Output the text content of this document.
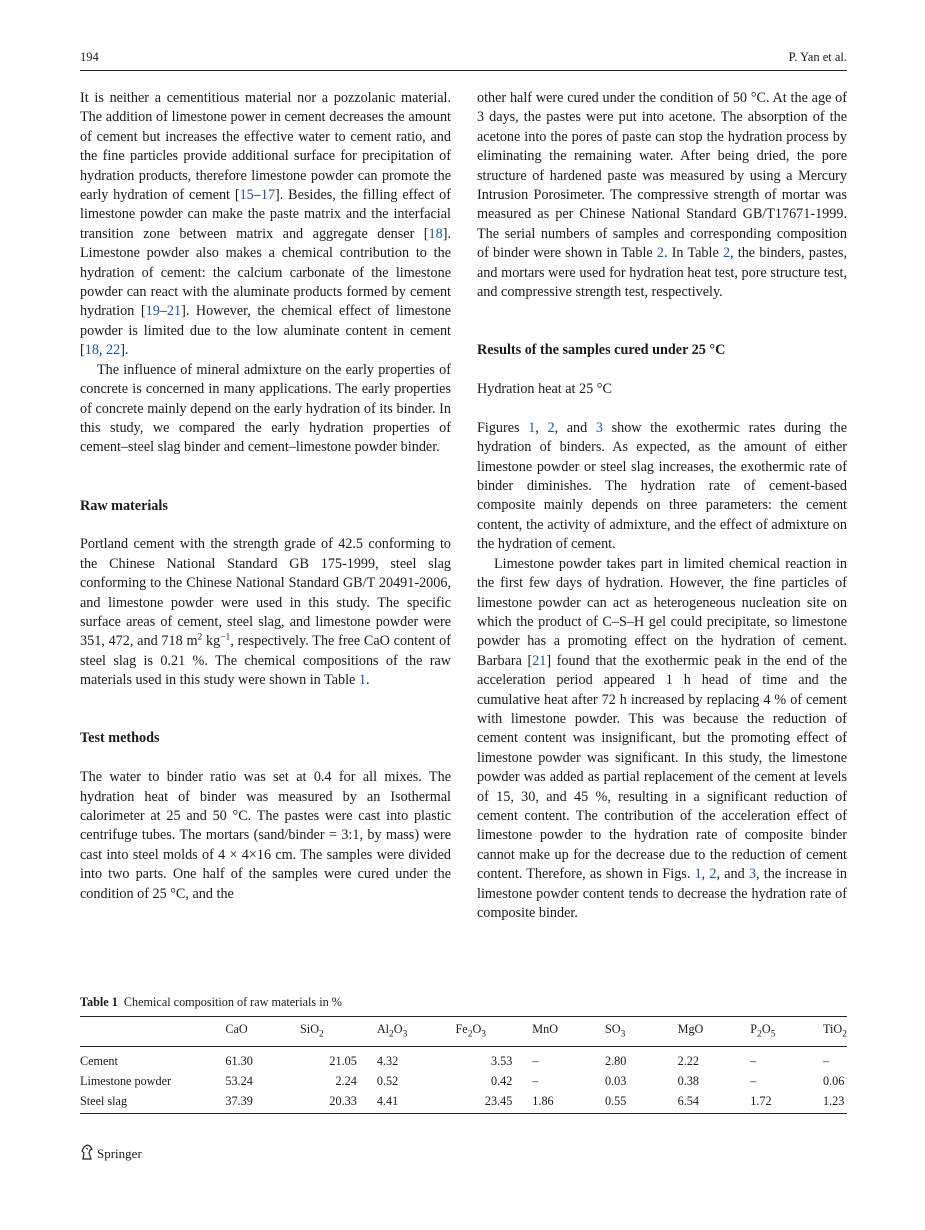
194	P. Yan et al.

It is neither a cementitious material nor a pozzolanic material. The addition of limestone power in cement decreases the amount of cement but increases the effective water to cement ratio, and the fine particles provide additional surface for precipitation of hydration products, therefore limestone powder can promote the early hydration of cement [15–17]. Besides, the filling effect of limestone powder can make the paste matrix and the interfacial transition zone between matrix and aggregate denser [18]. Limestone powder also makes a chemical contribution to the hydration of cement: the calcium carbonate of the limestone powder can react with the aluminate products formed by cement hydration [19–21]. However, the chemical effect of limestone powder is limited due to the low aluminate content in cement [18, 22].

The influence of mineral admixture on the early properties of concrete is concerned in many applications. The early properties of concrete mainly depend on the early hydration of its binder. In this study, we compared the early hydration properties of cement–steel slag binder and cement–limestone powder binder.

Raw materials

Portland cement with the strength grade of 42.5 conforming to the Chinese National Standard GB 175-1999, steel slag conforming to the Chinese National Standard GB/T 20491-2006, and limestone powder were used in this study. The specific surface areas of cement, steel slag, and limestone powder were 351, 472, and 718 $m^2$ $kg^{-1}$, respectively. The free CaO content of steel slag is 0.21 %. The chemical compositions of the raw materials used in this study were shown in Table 1.

Test methods

The water to binder ratio was set at 0.4 for all mixes. The hydration heat of binder was measured by an Isothermal calorimeter at 25 and 50 °C. The pastes were cast into plastic centrifuge tubes. The mortars (sand/binder = 3:1, by mass) were cast into steel molds of 4 × 4×16 cm. The samples were divided into two parts. One half of the samples were cured under the condition of 25 °C, and the

other half were cured under the condition of 50 °C. At the age of 3 days, the pastes were put into acetone. The absorption of the acetone into the pores of paste can stop the hydration process by eliminating the remaining water. After being dried, the pore structure of hardened paste was measured by using a Mercury Intrusion Porosimeter. The compressive strength of mortar was measured as per Chinese National Standard GB/T17671-1999. The serial numbers of samples and corresponding composition of binder were shown in Table 2. In Table 2, the binders, pastes, and mortars were used for hydration heat test, pore structure test, and compressive strength test, respectively.

Results of the samples cured under 25 °C

Hydration heat at 25 °C

Figures 1, 2, and 3 show the exothermic rates during the hydration of binders. As expected, as the amount of either limestone powder or steel slag increases, the exothermic rate of binder diminishes. The hydration rate of cement-based composite mainly depends on three parameters: the cement content, the activity of admixture, and the effect of admixture on the hydration of cement.

Limestone powder takes part in limited chemical reaction in the first few days of hydration. However, the fine particles of limestone powder can act as heterogeneous nucleation site on which the product of C–S–H gel could precipitate, so limestone powder has a promoting effect on the hydration of cement. Barbara [21] found that the exothermic peak in the end of the acceleration period appeared 1 h head of time and the cumulative heat after 72 h increased by replacing 4 % of cement with limestone powder. This was because the reduction of cement content was insignificant, but the promoting effect of limestone powder was significant. In this study, the limestone powder was added as partial replacement of the cement at levels of 15, 30, and 45 %, resulting in a significant reduction of cement content. The contribution of the acceleration effect of limestone powder to the hydration rate of composite binder cannot make up for the decrease due to the reduction of cement content. Therefore, as shown in Figs. 1, 2, and 3, the increase in limestone powder content tends to decrease the hydration rate of composite binder.

Table 1 Chemical composition of raw materials in %
	CaO	SiO$_2$	$Al_2O_3$	$Fe_2O_3$	MnO	$SO_3$	MgO	$P_2O_5$	TiO$_2$
Cement	61.30	21.05	4.32	3.53	–	2.80	2.22	–	–
Limestone powder	53.24	2.24	0.52	0.42	–	0.03	0.38	–	0.06
Steel slag	37.39	20.33	4.41	23.45	1.86	0.55	6.54	1.72	1.23
Springer
